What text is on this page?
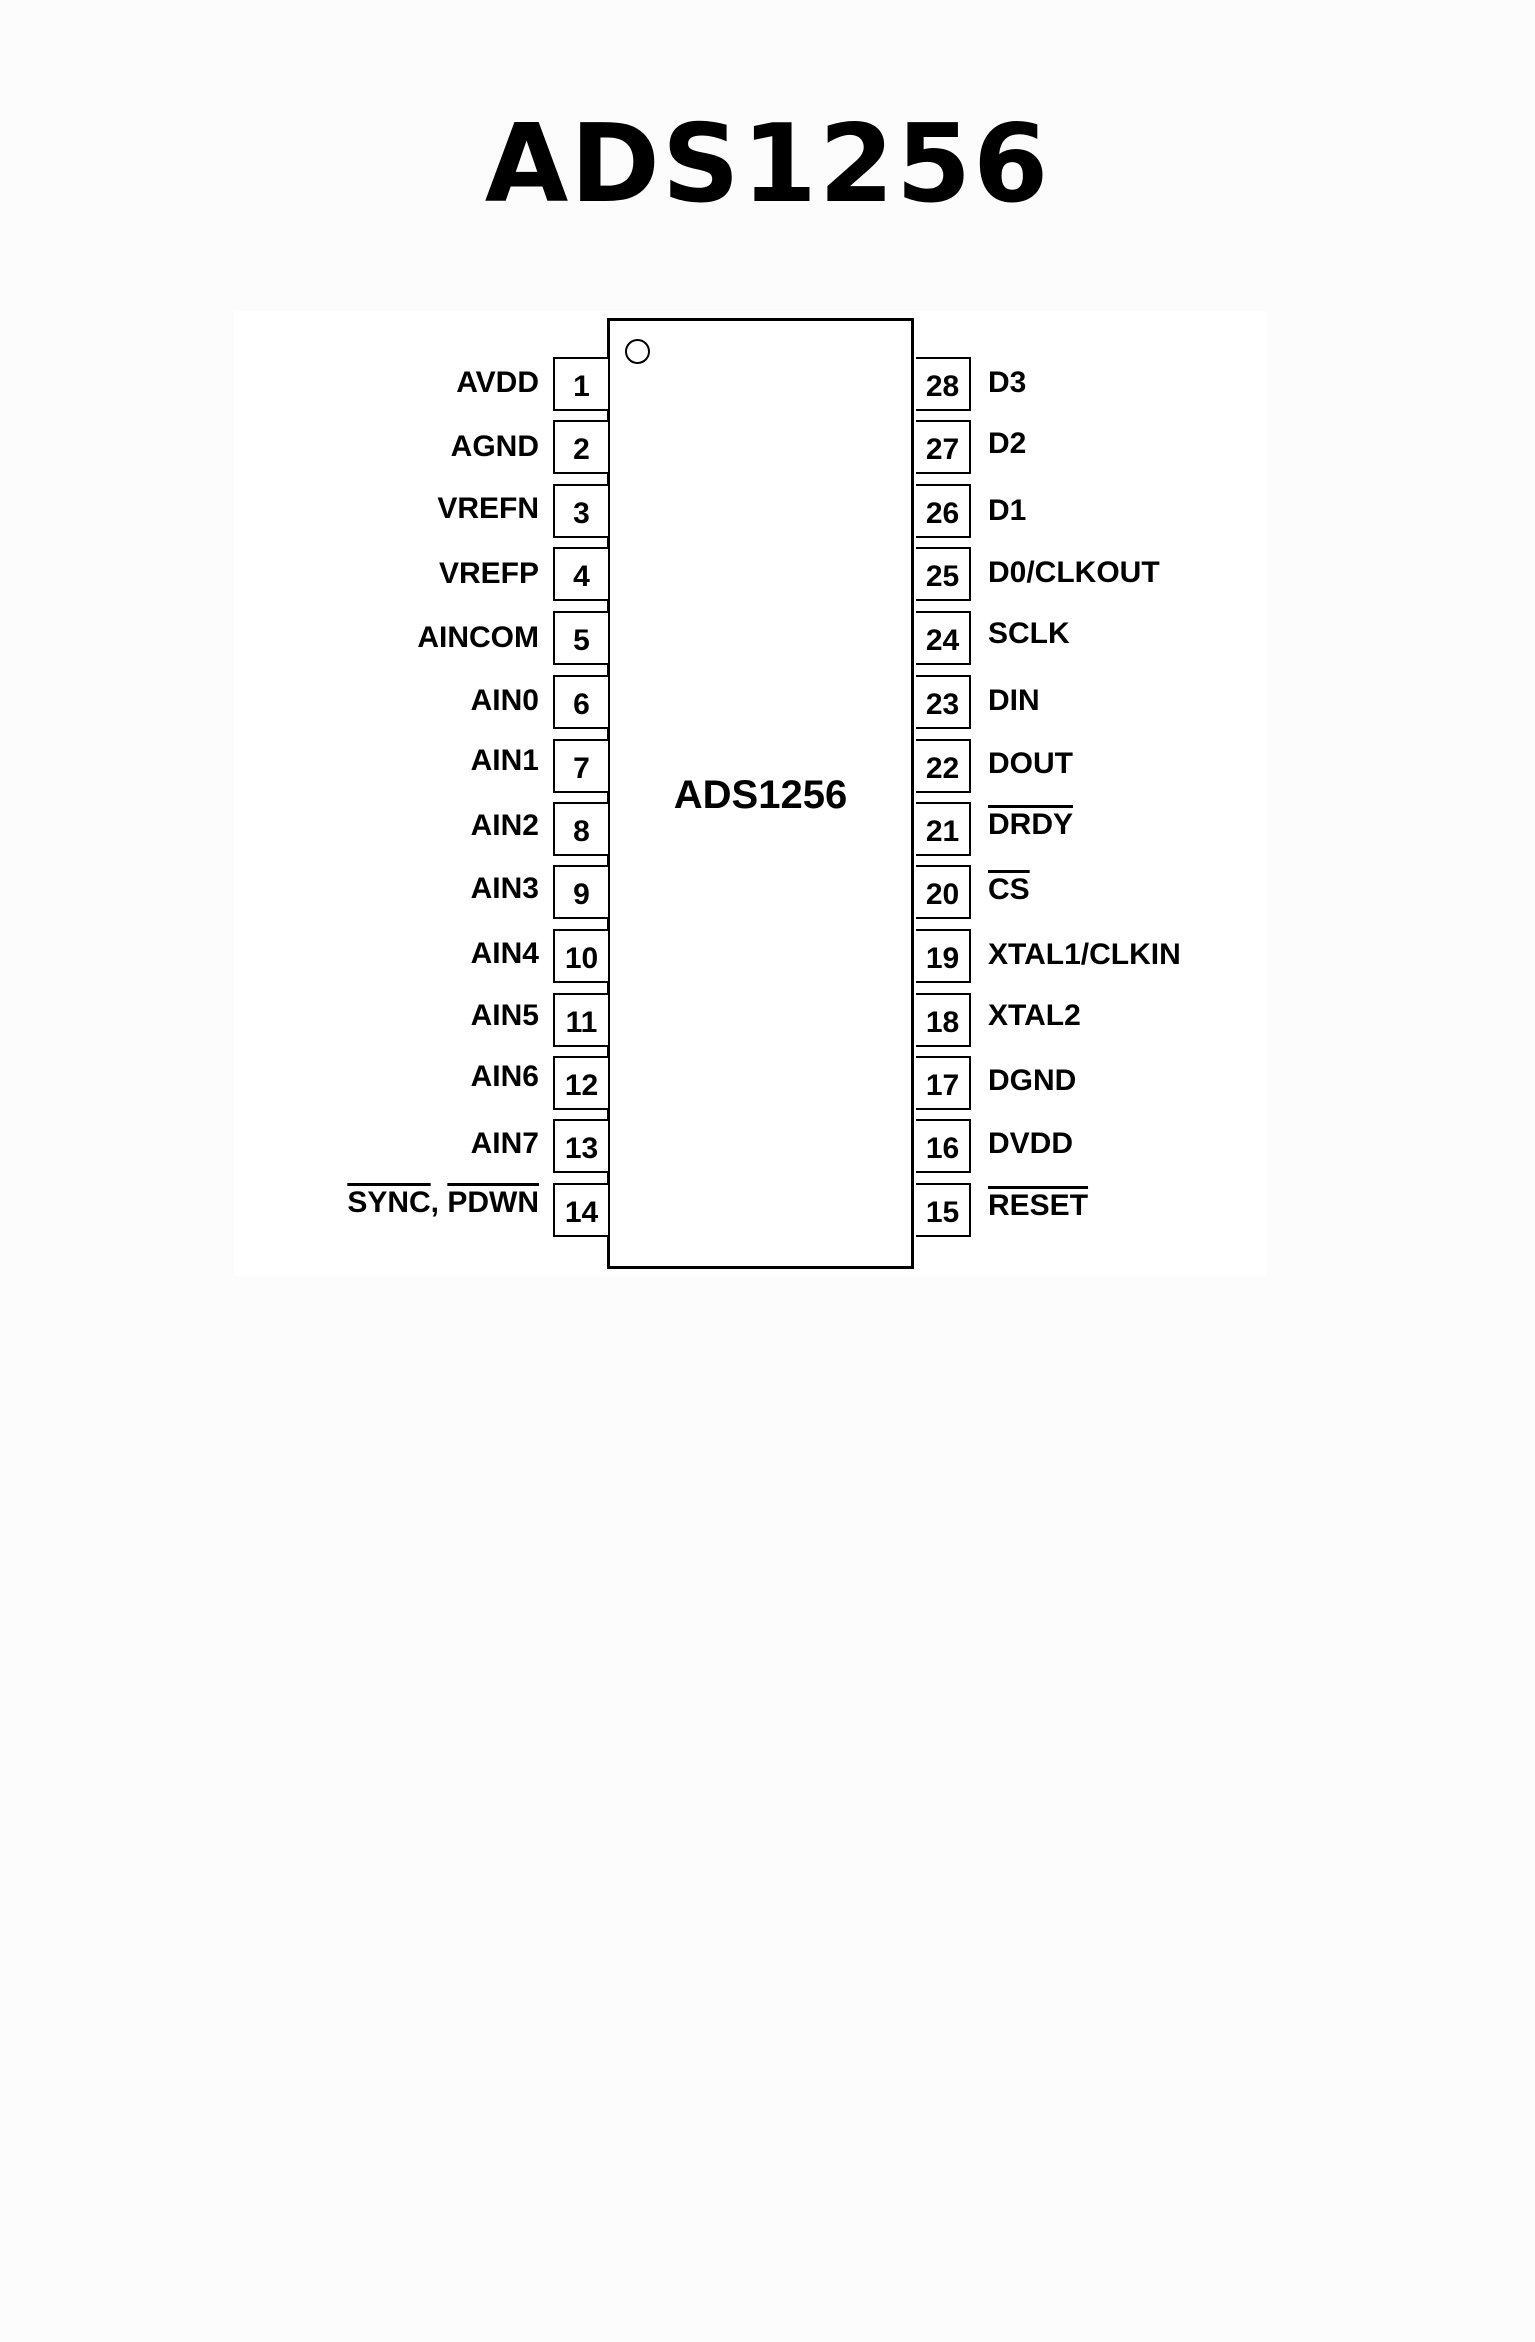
ADS1256
ADS1256
1
AVDD
2
AGND
3
VREFN
4
VREFP
5
AINCOM
6
AIN0
7
AIN1
8
AIN2
9
AIN3
10
AIN4
11
AIN5
12
AIN6
13
AIN7
14
SYNC, PDWN
28 D3
27 D2
26 D1
25 D0/CLKOUT
24 SCLK
23 DIN
22 DOUT
21 DRDY
20 $\overline{CS}$
19 XTAL1/CLKIN
18 XTAL2
17 DGND
16 DVDD
15 RESET
